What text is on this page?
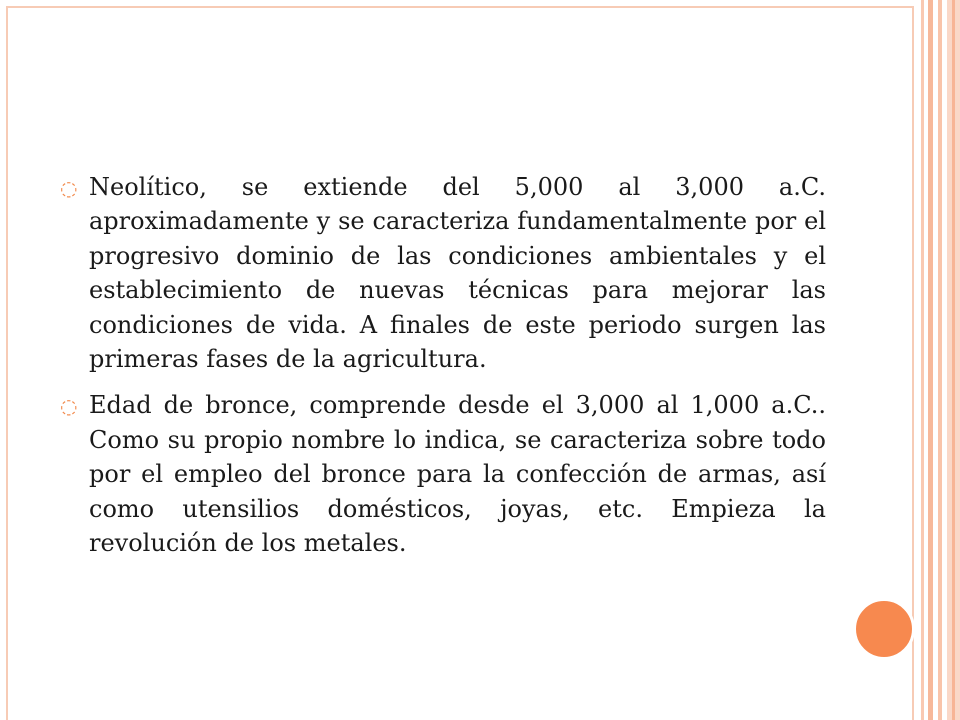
◌ Neolítico, se extiende del 5,000 al 3,000 a.C. aproximadamente y se caracteriza fundamentalmente por el progresivo dominio de las condiciones ambientales y el establecimiento de nuevas técnicas para mejorar las condiciones de vida. A finales de este periodo surgen las primeras fases de la agricultura.
◌ Edad de bronce, comprende desde el 3,000 al 1,000 a.C.. Como su propio nombre lo indica, se caracteriza sobre todo por el empleo del bronce para la confección de armas, así como utensilios domésticos, joyas, etc. Empieza la revolución de los metales.
